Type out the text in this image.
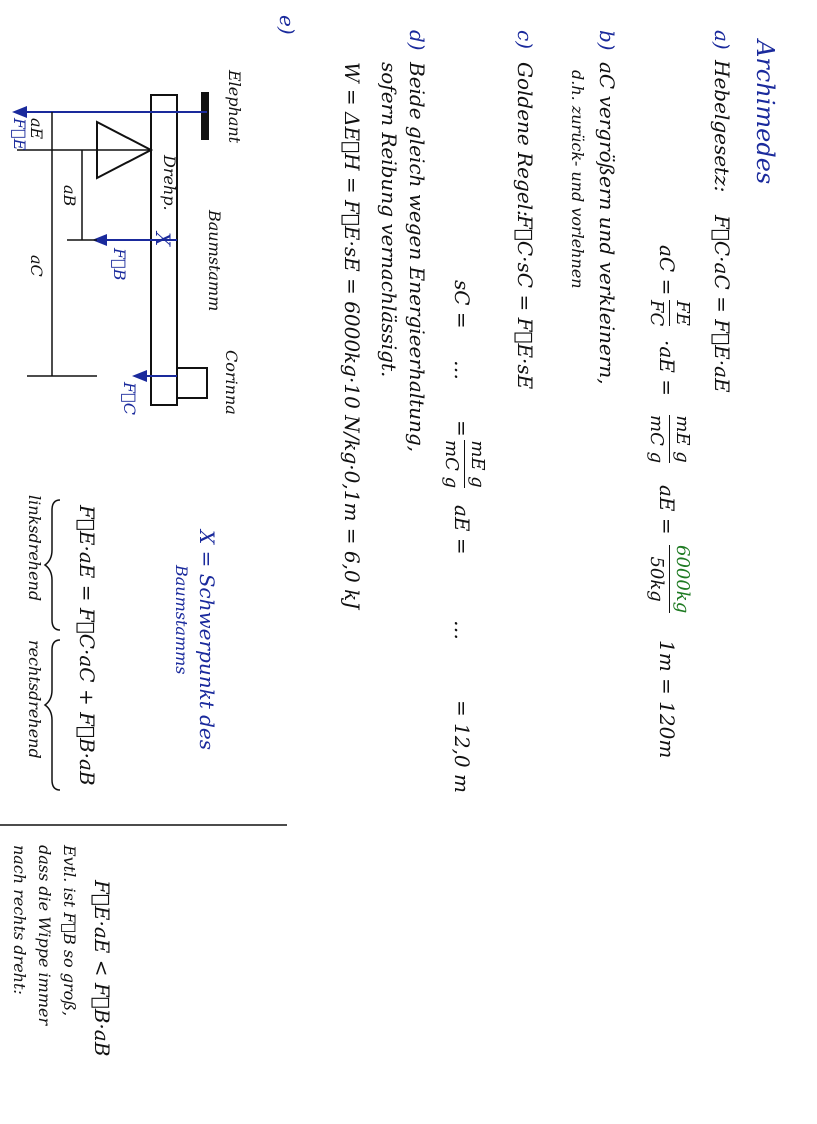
Archimedes
a)
Hebelgesetz:
F⃗C·aC = F⃗E·aE
aC =
FE
FC
·aE =
mE g
mC g
aE =
6000kg
50kg
1m = 120m
b)
aC vergrößern und verkleinern,
d.h. zurück- und vorlehnen
c)
Goldene Regel:
F⃗C·sC = F⃗E·sE
sC =
…
=
mE g
mC g
aE =
…
= 12,0 m
d)
Beide gleich wegen Energieerhaltung,
sofern Reibung vernachlässigt.
W = ΔE⃗H = F⃗E·sE = 6000kg·10 N/kg·0,1m = 6,0 kJ
e)
Elephant
Drehp.
Baumstamm
Corinna
X
aE
aB
aC
F⃗E
F⃗B
F⃗C
X = Schwerpunkt des
Baumstamms
F⃗E·aE = F⃗C·aC + F⃗B·aB
linksdrehend
rechtsdrehend
Evtl. ist F⃗B so groß,
dass die Wippe immer
nach rechts dreht:	F⃗E·aE < F⃗B·aB
